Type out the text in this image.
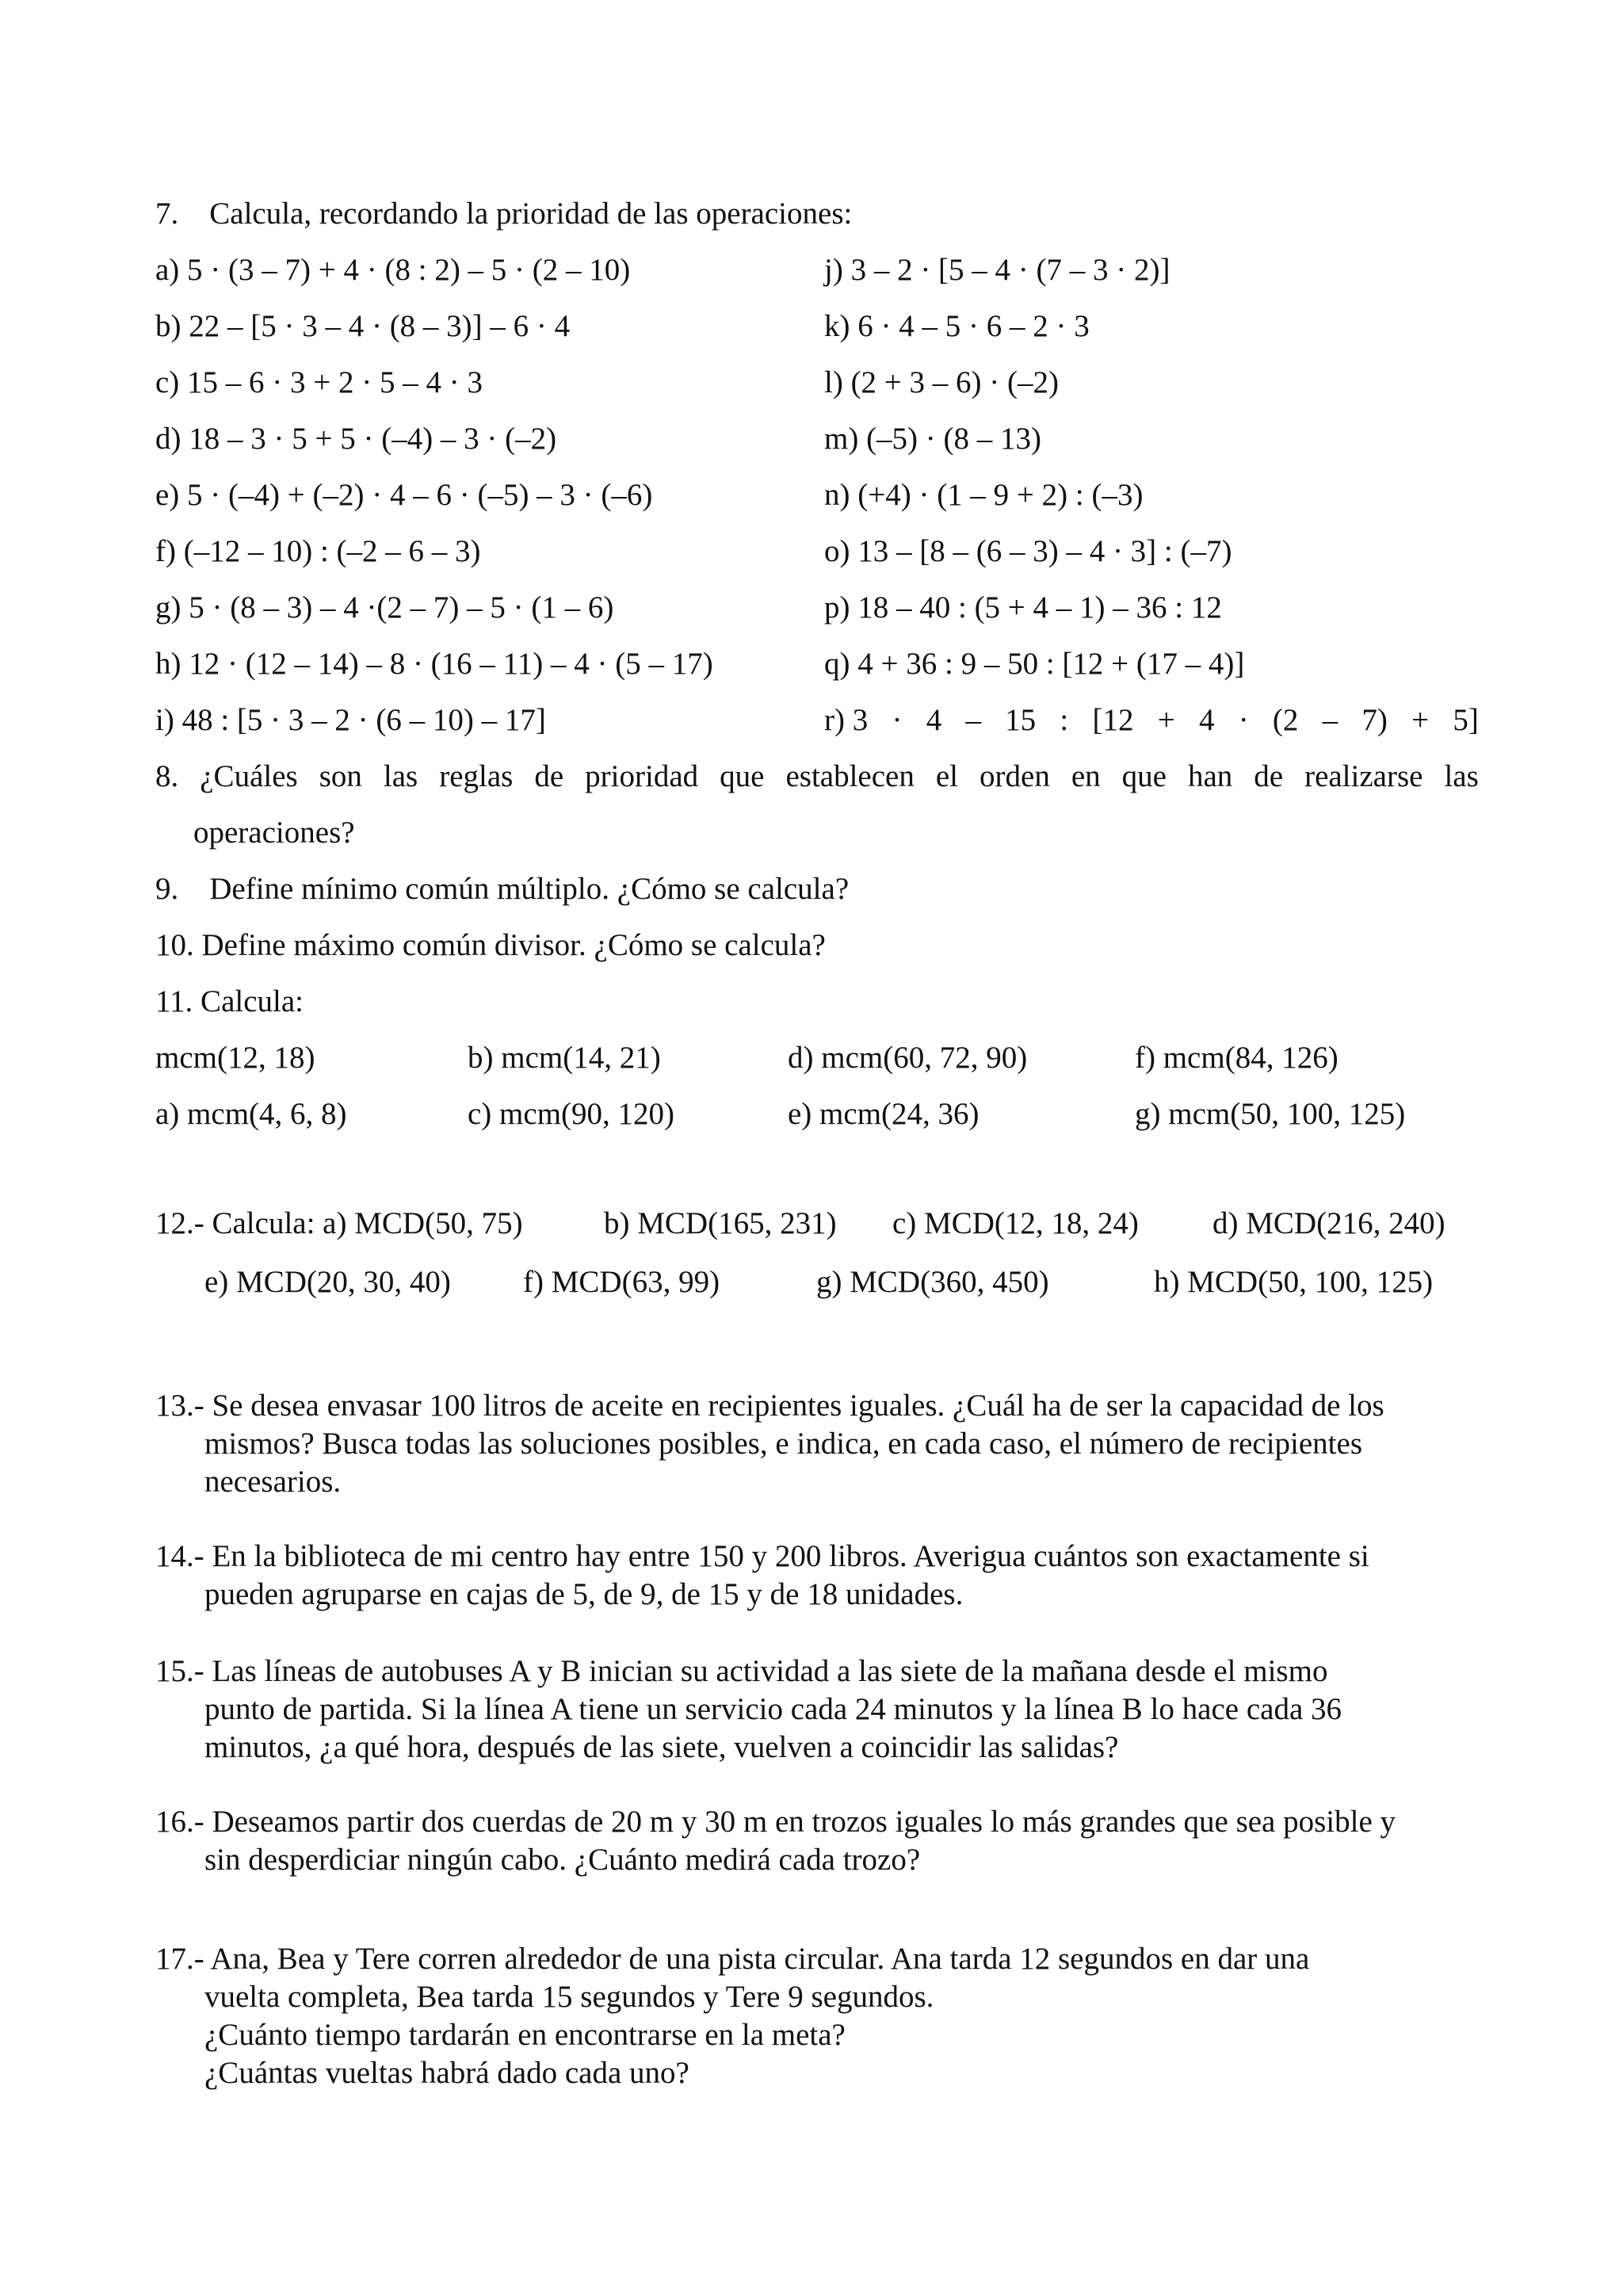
7. Calcula, recordando la prioridad de las operaciones:
a) 5 · (3 – 7) + 4 · (8 : 2) – 5 · (2 – 10)
b) 22 – [5 · 3 – 4 · (8 – 3)] – 6 · 4
c) 15 – 6 · 3 + 2 · 5 – 4 · 3
d) 18 – 3 · 5 + 5 · (–4) – 3 · (–2)
e) 5 · (–4) + (–2) · 4 – 6 · (–5) – 3 · (–6)
f) (–12 – 10) : (–2 – 6 – 3)
g) 5 · (8 – 3) – 4 ·(2 – 7) – 5 · (1 – 6)
h) 12 · (12 – 14) – 8 · (16 – 11) – 4 · (5 – 17)
i) 48 : [5 · 3 – 2 · (6 – 10) – 17]
j) 3 – 2 · [5 – 4 · (7 – 3 · 2)]
k) 6 · 4 – 5 · 6 – 2 · 3
l) (2 + 3 – 6) · (–2)
m) (–5) · (8 – 13)
n) (+4) · (1 – 9 + 2) : (–3)
o) 13 – [8 – (6 – 3) – 4 · 3] : (–7)
p) 18 – 40 : (5 + 4 – 1) – 36 : 12
q) 4 + 36 : 9 – 50 : [12 + (17 – 4)]
r) 3 · 4 – 15 : [12 + 4 · (2 – 7) + 5]
8. ¿Cuáles son las reglas de prioridad que establecen el orden en que han de realizarse las
operaciones?
9. Define mínimo común múltiplo. ¿Cómo se calcula?
10. Define máximo común divisor. ¿Cómo se calcula?
11. Calcula:
mcm(12, 18)	b) mcm(14, 21)	d) mcm(60, 72, 90)	f) mcm(84, 126)
a) mcm(4, 6, 8)	c) mcm(90, 120)	e) mcm(24, 36)	g) mcm(50, 100, 125)
12.- Calcula: a) MCD(50, 75)	b) MCD(165, 231) c) MCD(12, 18, 24) d) MCD(216, 240)
e) MCD(20, 30, 40) f) MCD(63, 99)	g) MCD(360, 450)	h) MCD(50, 100, 125)
13.- Se desea envasar 100 litros de aceite en recipientes iguales. ¿Cuál ha de ser la capacidad de los
mismos? Busca todas las soluciones posibles, e indica, en cada caso, el número de recipientes
necesarios.
14.- En la biblioteca de mi centro hay entre 150 y 200 libros. Averigua cuántos son exactamente si
pueden agruparse en cajas de 5, de 9, de 15 y de 18 unidades.
15.- Las líneas de autobuses A y B inician su actividad a las siete de la mañana desde el mismo
punto de partida. Si la línea A tiene un servicio cada 24 minutos y la línea B lo hace cada 36
minutos, ¿a qué hora, después de las siete, vuelven a coincidir las salidas?
16.- Deseamos partir dos cuerdas de 20 m y 30 m en trozos iguales lo más grandes que sea posible y
sin desperdiciar ningún cabo. ¿Cuánto medirá cada trozo?
17.- Ana, Bea y Tere corren alrededor de una pista circular. Ana tarda 12 segundos en dar una
vuelta completa, Bea tarda 15 segundos y Tere 9 segundos.
¿Cuánto tiempo tardarán en encontrarse en la meta?
¿Cuántas vueltas habrá dado cada uno?
